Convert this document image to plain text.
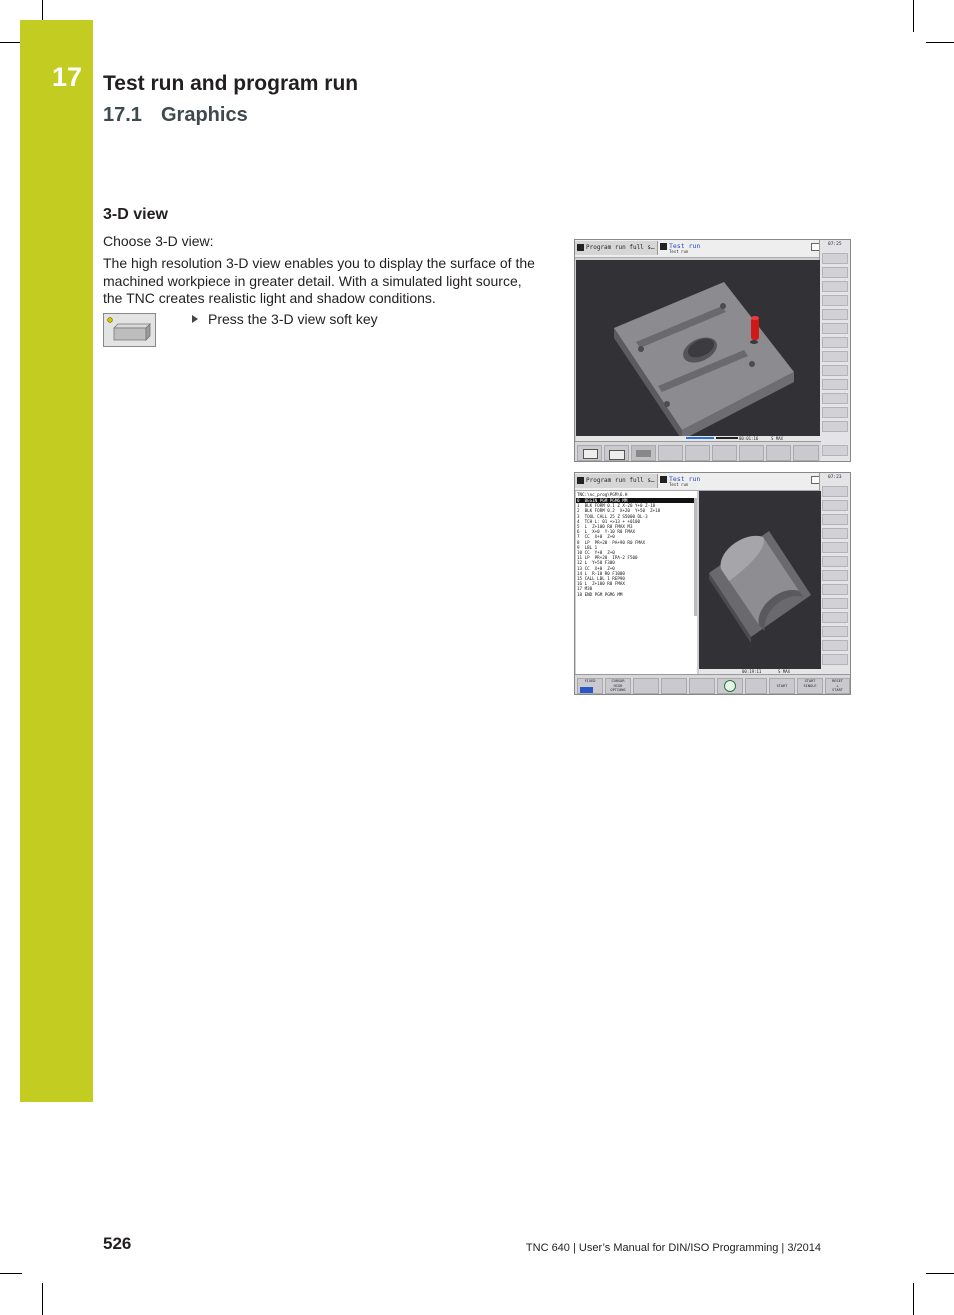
17 Test run and program run
17.1 Graphics
3-D view
Choose 3-D view:
The high resolution 3-D view enables you to display the surface of the machined workpiece in greater detail. With a simulated light source, the TNC creates realistic light and shadow conditions.
Press the 3-D view soft key
Program run full s… Test run
Test run
07:25
00:01:16	S MAX
Program run full s… Test run
Test run
07:23
TNC:\nc_prog\PGM\6.H
0  BEGIN PGM PGM6 MM
1  BLK FORM 0.1 Z X-20 Y+0 Z-18
2  BLK FORM 0.2  X+20  Y+50  Z+18
3  TOOL CALL 25 Z S5000 DL-3
4  TCH L: 01 +>13 + +0100
5  L  Z+100 R0 FMAX M3
6  L  X+0  Y-10 R0 FMAX
7  CC  X+0  Z+0
8  LP  PR+20  PA+90 R0 FMAX
9  LBL 1
10 CC  Y+0  Z+0
11 LP  PR+20  IPA-2 F500
12 L  Y+50 F300
13 CC  X+0  Z+0
14 L  R-10 R0 F1000
15 CALL LBL 1 REP90
16 L  Z+100 R0 FMAX
17 M30
18 END PGM PGM6 MM
00:19:11	S MAX
FIXED	CURSOR
HIGH
OPTIONS
START
START
SINGLE
RESET
+
START
526	TNC 640 | User’s Manual for DIN/ISO Programming | 3/2014
